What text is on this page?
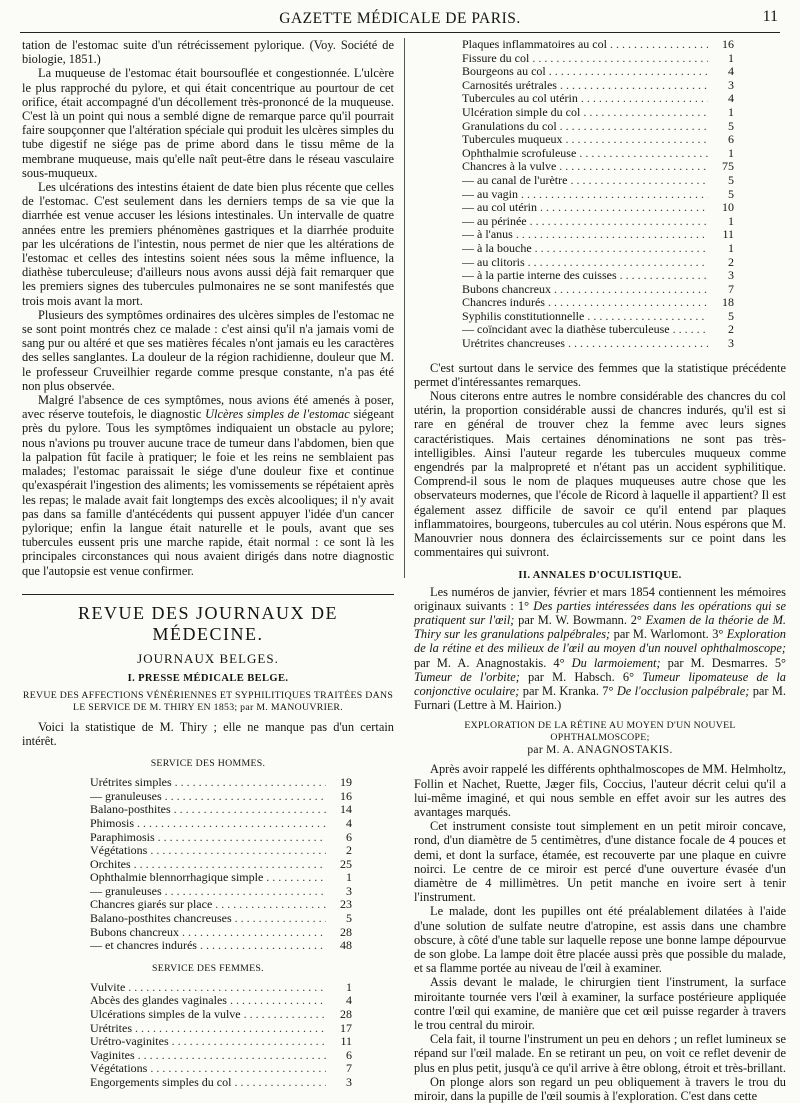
GAZETTE MÉDICALE DE PARIS.	11

tation de l'estomac suite d'un rétrécissement pylorique. (Voy. Société de biologie, 1851.)

La muqueuse de l'estomac était boursouflée et congestionnée. L'ulcère le plus rapproché du pylore, et qui était concentrique au pourtour de cet orifice, était accompagné d'un décollement très-prononcé de la muqueuse. C'est là un point qui nous a semblé digne de remarque parce qu'il pourrait faire soupçonner que l'altération spéciale qui produit les ulcères simples du tube digestif ne siége pas de prime abord dans le tissu même de la membrane muqueuse, mais qu'elle naît peut-être dans le réseau vasculaire sous-muqueux.

Les ulcérations des intestins étaient de date bien plus récente que celles de l'estomac. C'est seulement dans les derniers temps de sa vie que la diarrhée est venue accuser les lésions intestinales. Un intervalle de quatre années entre les premiers phénomènes gastriques et la diarrhée produite par les ulcérations de l'intestin, nous permet de nier que les altérations de l'estomac et celles des intestins soient nées sous la même influence, la diathèse tuberculeuse; d'ailleurs nous avons aussi déjà fait remarquer que les premiers signes des tubercules pulmonaires ne se sont manifestés que trois mois avant la mort.

Plusieurs des symptômes ordinaires des ulcères simples de l'estomac ne se sont point montrés chez ce malade : c'est ainsi qu'il n'a jamais vomi de sang pur ou altéré et que ses matières fécales n'ont jamais eu les caractères des selles sanglantes. La douleur de la région rachidienne, douleur que M. le professeur Cruveilhier regarde comme presque constante, n'a pas été non plus observée.

Malgré l'absence de ces symptômes, nous avions été amenés à poser, avec réserve toutefois, le diagnostic Ulcères simples de l'estomac siégeant près du pylore. Tous les symptômes indiquaient un obstacle au pylore; nous n'avions pu trouver aucune trace de tumeur dans l'abdomen, bien que la palpation fût facile à pratiquer; le foie et les reins ne semblaient pas malades; l'estomac paraissait le siége d'une douleur fixe et continue qu'exaspérait l'ingestion des aliments; les vomissements se répétaient après les repas; le malade avait fait longtemps des excès alcooliques; il n'y avait pas dans sa famille d'antécédents qui pussent appuyer l'idée d'un cancer pylorique; enfin la langue était naturelle et le pouls, avant que ses tubercules eussent pris une marche rapide, était normal : ce sont là les principales circonstances qui nous avaient dirigés dans notre diagnostic que l'autopsie est venue confirmer.

REVUE DES JOURNAUX DE MÉDECINE.
JOURNAUX BELGES.
I. PRESSE MÉDICALE BELGE.
REVUE DES AFFECTIONS VÉNÉRIENNES ET SYPHILITIQUES TRAITÉES DANS
LE SERVICE DE M. THIRY EN 1853; par M. MANOUVRIER.

Voici la statistique de M. Thiry ; elle ne manque pas d'un certain intérêt.

SERVICE DES HOMMES.
Urétrites simples . . .	19

— granuleuses . . .	16

Balano-posthites . . .	14

Phimosis . . .	4

Paraphimosis . . .	6

Végétations . . .	2

Orchites . . .	25

Ophthalmie blennorrhagique simple . . .	1

— granuleuses . . .	3

Chancres giarés sur place . . .	23

Balano-posthites chancreuses . . .	5

Bubons chancreux . . .	28

— et chancres indurés . . .	48
SERVICE DES FEMMES.
Vulvite . . .	1

Abcès des glandes vaginales . . .	4

Ulcérations simples de la vulve . . .	28

Urétrites . . .	17

Urétro-vaginites . . .	11

Vaginites . . .	6

Végétations . . .	7

Engorgements simples du col . . .	3
Plaques inflammatoires au col . . .	16

Fissure du col . . .	1

Bourgeons au col . . .	4

Carnosités urétrales . . .	3

Tubercules au col utérin . . .	4

Ulcération simple du col . . .	1

Granulations du col . . .	5

Tubercules muqueux . . .	6

Ophthalmie scrofuleuse . . .	1

Chancres à la vulve . . .	75

— au canal de l'urètre . . .	5

— au vagin . . .	5

— au col utérin . . .	10

— au périnée . . .	1

— à l'anus . . .	11

— à la bouche . . .	1

— au clitoris . . .	2

— à la partie interne des cuisses . . .	3

Bubons chancreux . . .	7

Chancres indurés . . .	18

Syphilis constitutionnelle . . .	5

— coïncidant avec la diathèse tuberculeuse . . .	2

Urétrites chancreuses . . .	3

C'est surtout dans le service des femmes que la statistique précédente permet d'intéressantes remarques.

Nous citerons entre autres le nombre considérable des chancres du col utérin, la proportion considérable aussi de chancres indurés, qu'il est si rare en général de trouver chez la femme avec leurs signes caractéristiques. Mais certaines dénominations ne sont pas très-intelligibles. Ainsi l'auteur regarde les tubercules muqueux comme engendrés par la malpropreté et n'étant pas un accident syphilitique. Comprend-il sous le nom de plaques muqueuses autre chose que les observateurs modernes, que l'école de Ricord à laquelle il appartient? Il est également assez difficile de savoir ce qu'il entend par plaques inflammatoires, bourgeons, tubercules au col utérin. Nous espérons que M. Manouvrier nous donnera des éclaircissements sur ce point dans les commentaires qui suivront.

II. ANNALES D'OCULISTIQUE.

Les numéros de janvier, février et mars 1854 contiennent les mémoires originaux suivants : 1° Des parties intéressées dans les opérations qui se pratiquent sur l'œil; par M. W. Bowmann. 2° Examen de la théorie de M. Thiry sur les granulations palpébrales; par M. Warlomont. 3° Exploration de la rétine et des milieux de l'œil au moyen d'un nouvel ophthalmoscope; par M. A. Anagnostakis. 4° Du larmoiement; par M. Desmarres. 5° Tumeur de l'orbite; par M. Habsch. 6° Tumeur lipomateuse de la conjonctive oculaire; par M. Kranka. 7° De l'occlusion palpébrale; par M. Furnari (Lettre à M. Hairion.)

EXPLORATION DE LA RÉTINE AU MOYEN D'UN NOUVEL OPHTHALMOSCOPE;
par M. A. ANAGNOSTAKIS.

Après avoir rappelé les différents ophthalmoscopes de MM. Helmholtz, Follin et Nachet, Ruette, Jæger fils, Coccius, l'auteur décrit celui qu'il a lui-même imaginé, et qui nous semble en effet avoir sur les autres des avantages marqués.

Cet instrument consiste tout simplement en un petit miroir concave, rond, d'un diamètre de 5 centimètres, d'une distance focale de 4 pouces et demi, et dont la surface, étamée, est recouverte par une plaque en cuivre noirci. Le centre de ce miroir est percé d'une ouverture évasée d'un diamètre de 4 millimètres. Un petit manche en ivoire sert à tenir l'instrument.

Le malade, dont les pupilles ont été préalablement dilatées à l'aide d'une solution de sulfate neutre d'atropine, est assis dans une chambre obscure, à côté d'une table sur laquelle repose une bonne lampe dépourvue de son globe. La lampe doit être placée aussi près que possible du malade, et sa flamme portée au niveau de l'œil à examiner.

Assis devant le malade, le chirurgien tient l'instrument, la surface miroitante tournée vers l'œil à examiner, la surface postérieure appliquée contre l'œil qui examine, de manière que cet œil puisse regarder à travers le trou central du miroir.

Cela fait, il tourne l'instrument un peu en dehors ; un reflet lumineux se répand sur l'œil malade. En se retirant un peu, on voit ce reflet devenir de plus en plus petit, jusqu'à ce qu'il arrive à être oblong, étroit et très-brillant.

On plonge alors son regard un peu obliquement à travers le trou du miroir, dans la pupille de l'œil soumis à l'exploration. C'est dans cette
